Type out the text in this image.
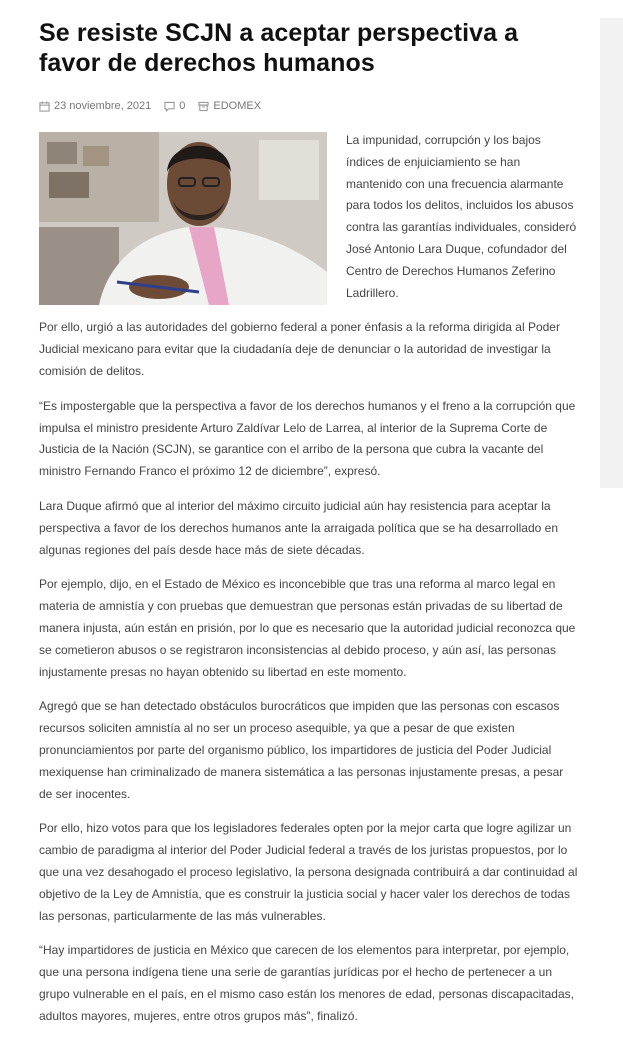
Se resiste SCJN a aceptar perspectiva a favor de derechos humanos
23 noviembre, 2021	0	EDOMEX

La impunidad, corrupción y los bajos índices de enjuiciamiento se han mantenido con una frecuencia alarmante para todos los delitos, incluidos los abusos contra las garantías individuales, consideró José Antonio Lara Duque, cofundador del Centro de Derechos Humanos Zeferino Ladrillero.

Por ello, urgió a las autoridades del gobierno federal a poner énfasis a la reforma dirigida al Poder Judicial mexicano para evitar que la ciudadanía deje de denunciar o la autoridad de investigar la comisión de delitos.

“Es impostergable que la perspectiva a favor de los derechos humanos y el freno a la corrupción que impulsa el ministro presidente Arturo Zaldívar Lelo de Larrea, al interior de la Suprema Corte de Justicia de la Nación (SCJN), se garantice con el arribo de la persona que cubra la vacante del ministro Fernando Franco el próximo 12 de diciembre”, expresó.

Lara Duque afirmó que al interior del máximo circuito judicial aún hay resistencia para aceptar la perspectiva a favor de los derechos humanos ante la arraigada política que se ha desarrollado en algunas regiones del país desde hace más de siete décadas.

Por ejemplo, dijo, en el Estado de México es inconcebible que tras una reforma al marco legal en materia de amnistía y con pruebas que demuestran que personas están privadas de su libertad de manera injusta, aún están en prisión, por lo que es necesario que la autoridad judicial reconozca que se cometieron abusos o se registraron inconsistencias al debido proceso, y aún así, las personas injustamente presas no hayan obtenido su libertad en este momento.

Agregó que se han detectado obstáculos burocráticos que impiden que las personas con escasos recursos soliciten amnistía al no ser un proceso asequible, ya que a pesar de que existen pronunciamientos por parte del organismo público, los impartidores de justicia del Poder Judicial mexiquense han criminalizado de manera sistemática a las personas injustamente presas, a pesar de ser inocentes.

Por ello, hizo votos para que los legisladores federales opten por la mejor carta que logre agilizar un cambio de paradigma al interior del Poder Judicial federal a través de los juristas propuestos, por lo que una vez desahogado el proceso legislativo, la persona designada contribuirá a dar continuidad al objetivo de la Ley de Amnistía, que es construir la justicia social y hacer valer los derechos de todas las personas, particularmente de las más vulnerables.

“Hay impartidores de justicia en México que carecen de los elementos para interpretar, por ejemplo, que una persona indígena tiene una serie de garantías jurídicas por el hecho de pertenecer a un grupo vulnerable en el país, en el mismo caso están los menores de edad, personas discapacitadas, adultos mayores, mujeres, entre otros grupos más”, finalizó.
